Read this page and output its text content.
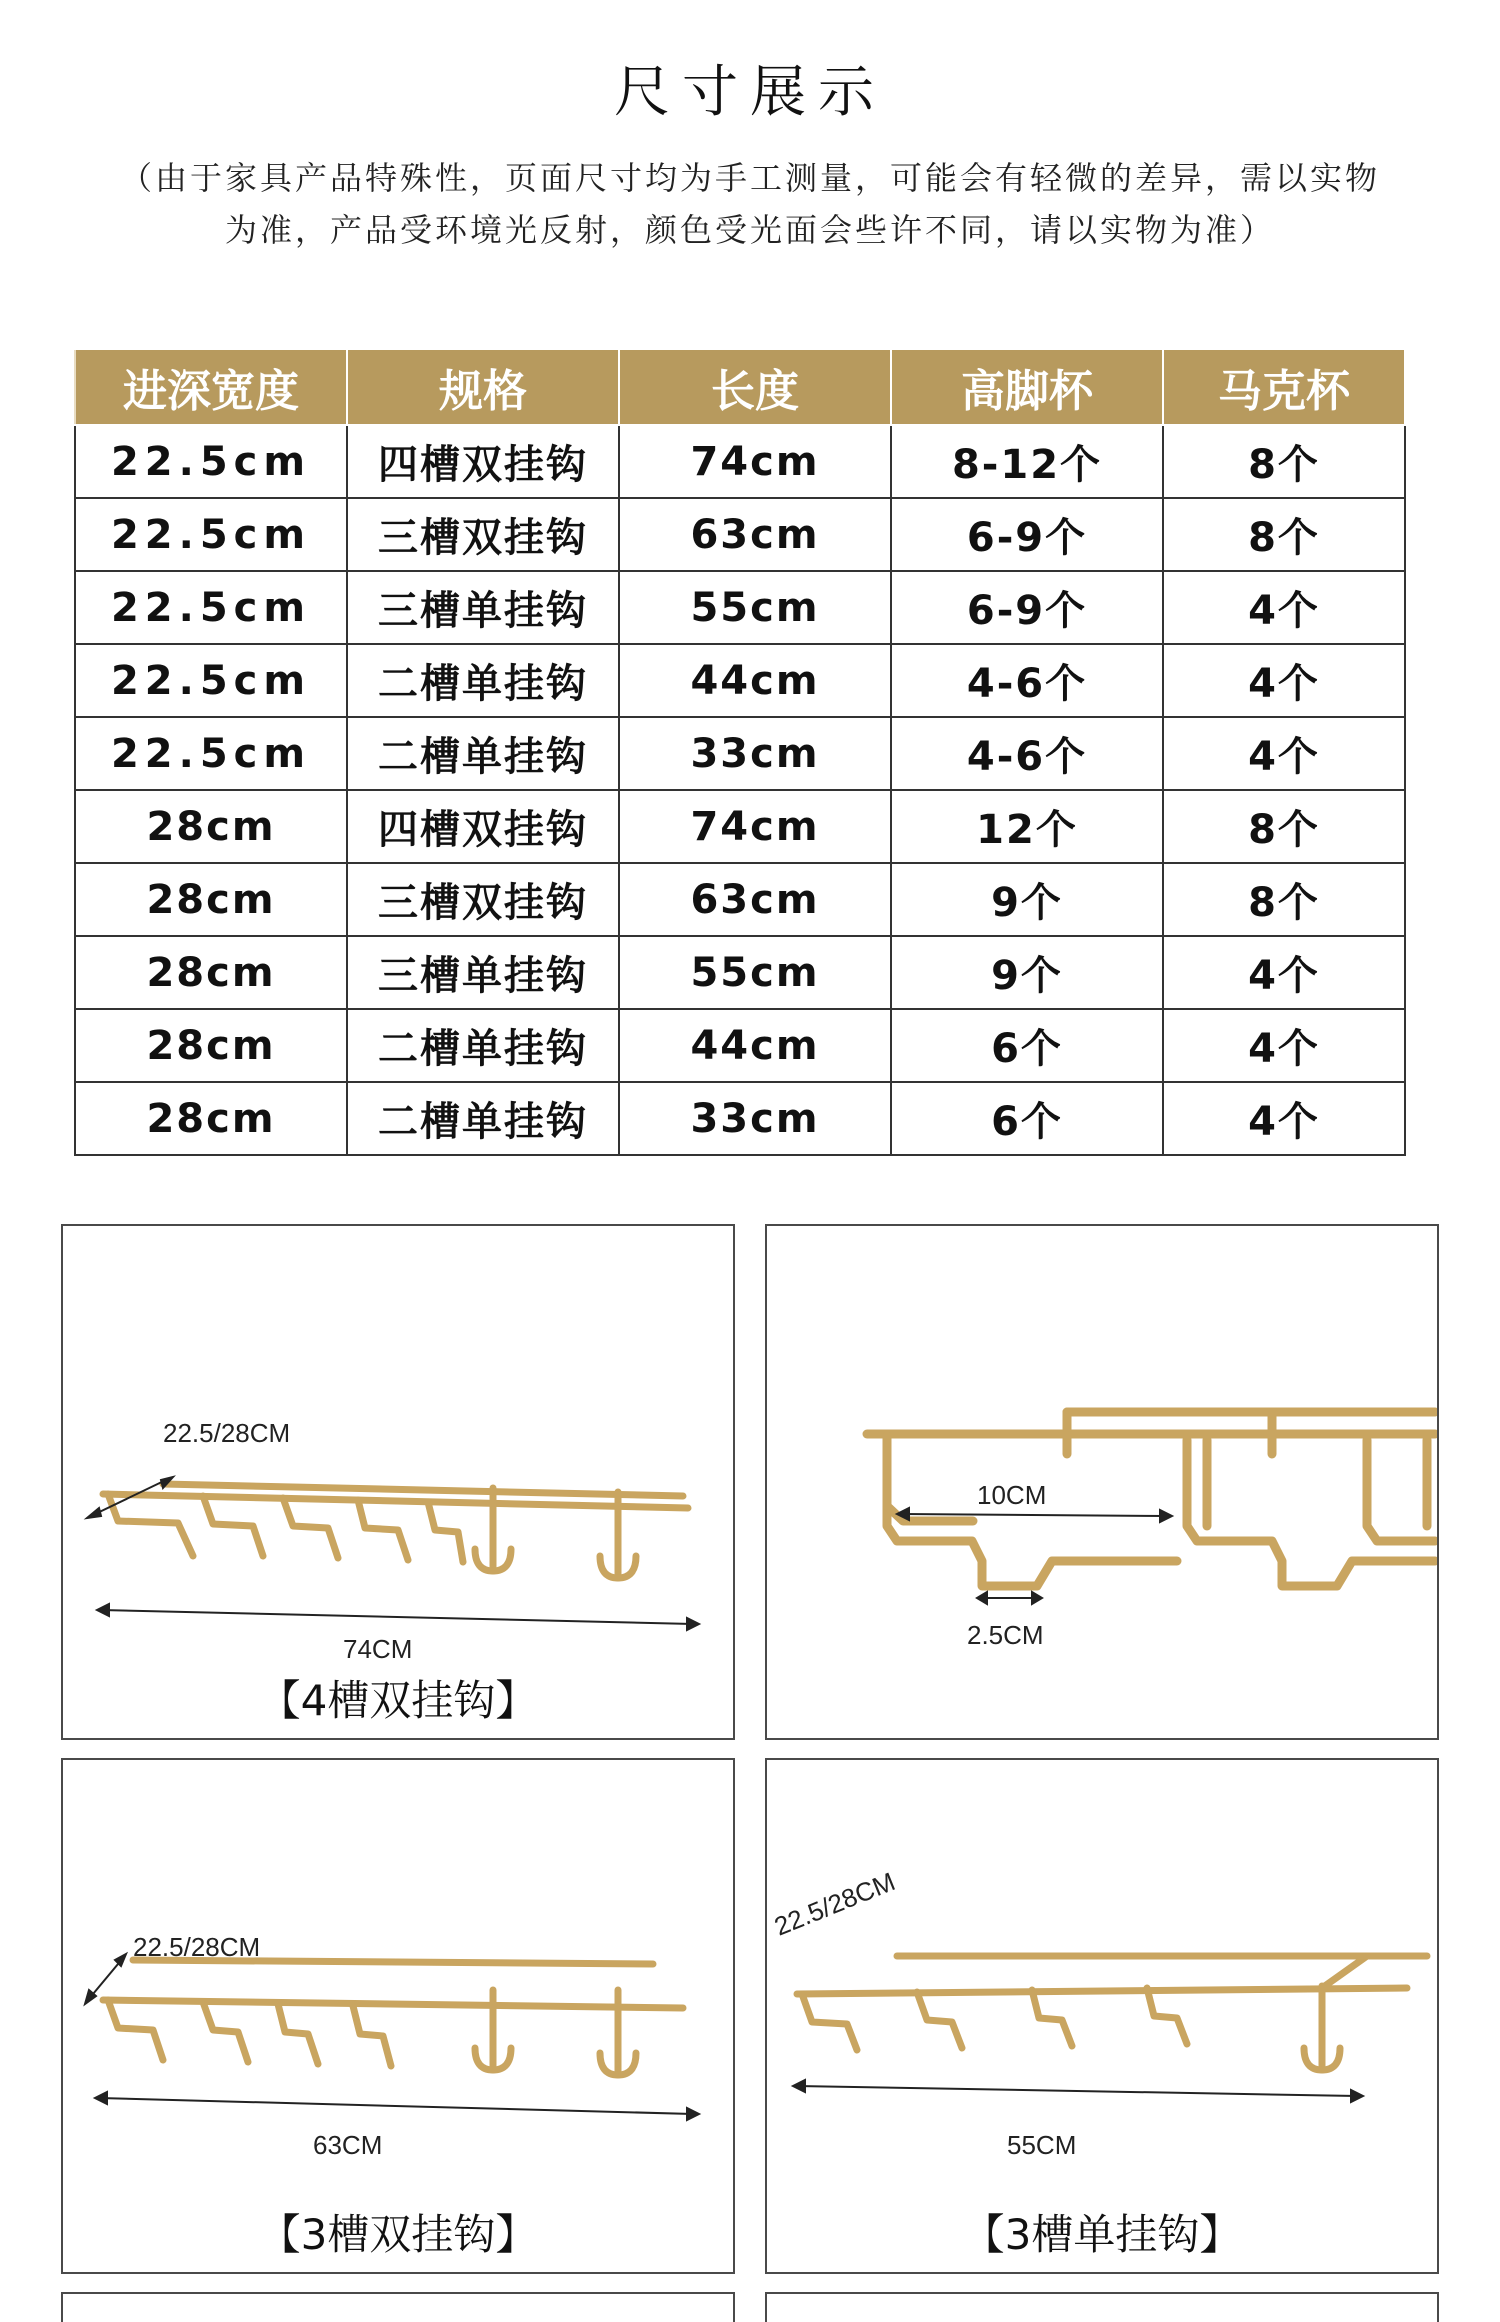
尺寸展示
（由于家具产品特殊性，页面尺寸均为手工测量，可能会有轻微的差异，需以实物
为准，产品受环境光反射，颜色受光面会些许不同，请以实物为准）
进深宽度	规格	长度	高脚杯	马克杯
22.5cm	四槽双挂钩	74cm	8-12个	8个
22.5cm	三槽双挂钩	63cm	6-9个	8个
22.5cm	三槽单挂钩	55cm	6-9个	4个
22.5cm	二槽单挂钩	44cm	4-6个	4个
22.5cm	二槽单挂钩	33cm	4-6个	4个
28cm	四槽双挂钩	74cm	12个	8个
28cm	三槽双挂钩	63cm	9个	8个
28cm	三槽单挂钩	55cm	9个	4个
28cm	二槽单挂钩	44cm	6个	4个
28cm	二槽单挂钩	33cm	6个	4个
22.5/28CM
74CM
【4槽双挂钩】
10CM
2.5CM
22.5/28CM
63CM
【3槽双挂钩】
22.5/28CM
55CM
【3槽单挂钩】
